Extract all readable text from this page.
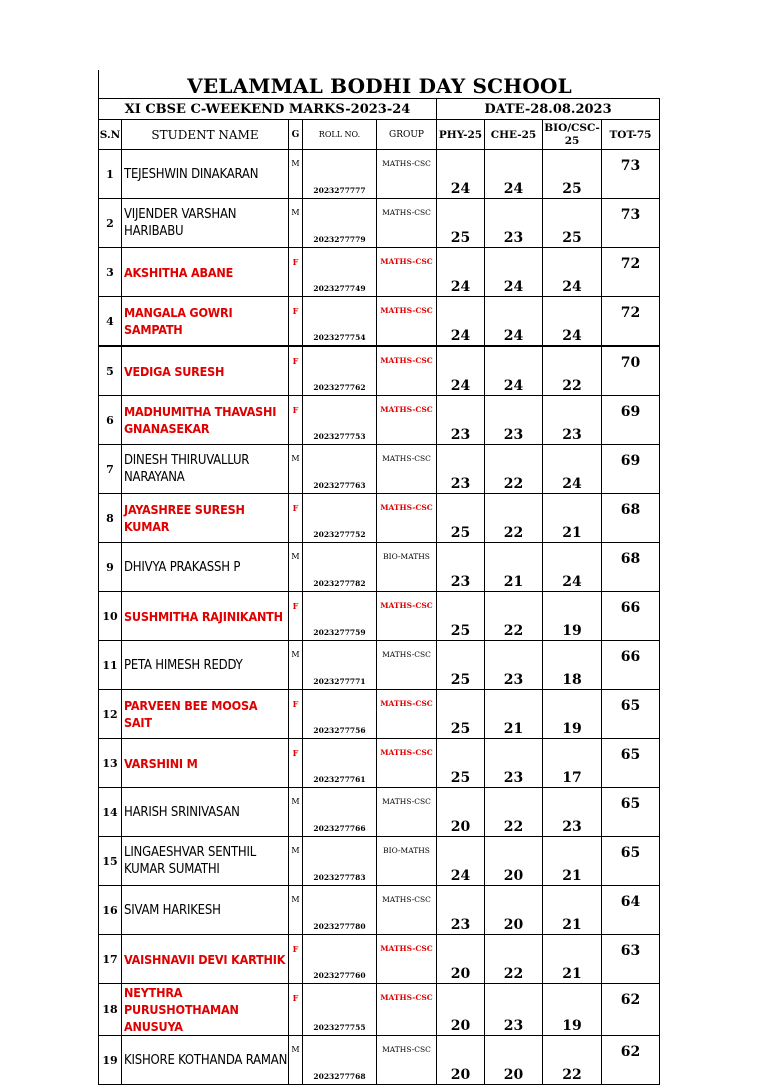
VELAMMAL BODHI DAY SCHOOL
XI CBSE C-WEEKEND MARKS-2023-24					DATE-28.08.2023			
S.N	STUDENT NAME	G	ROLL NO.	GROUP	PHY-25	CHE-25	BIO/CSC-25	TOT-75
1	TEJESHWIN DINAKARAN	M	2023277777	MATHS-CSC	24	24	25	73
2	VIJENDER VARSHAN HARIBABU	M	2023277779	MATHS-CSC	25	23	25	73
3	AKSHITHA ABANE	F	2023277749	MATHS-CSC	24	24	24	72
4	MANGALA GOWRI SAMPATH	F	2023277754	MATHS-CSC	24	24	24	72
5	VEDIGA SURESH	F	2023277762	MATHS-CSC	24	24	22	70
6	MADHUMITHA THAVASHI GNANASEKAR	F	2023277753	MATHS-CSC	23	23	23	69
7	DINESH THIRUVALLUR NARAYANA	M	2023277763	MATHS-CSC	23	22	24	69
8	JAYASHREE SURESH KUMAR	F	2023277752	MATHS-CSC	25	22	21	68
9	DHIVYA PRAKASSH P	M	2023277782	BIO-MATHS	23	21	24	68
10	SUSHMITHA RAJINIKANTH	F	2023277759	MATHS-CSC	25	22	19	66
11	PETA HIMESH REDDY	M	2023277771	MATHS-CSC	25	23	18	66
12	PARVEEN BEE MOOSA SAIT	F	2023277756	MATHS-CSC	25	21	19	65
13	VARSHINI M	F	2023277761	MATHS-CSC	25	23	17	65
14	HARISH SRINIVASAN	M	2023277766	MATHS-CSC	20	22	23	65
15	LINGAESHVAR SENTHIL KUMAR SUMATHI	M	2023277783	BIO-MATHS	24	20	21	65
16	SIVAM HARIKESH	M	2023277780	MATHS-CSC	23	20	21	64
17	VAISHNAVII DEVI KARTHIK	F	2023277760	MATHS-CSC	20	22	21	63
18	NEYTHRA PURUSHOTHAMAN ANUSUYA	F	2023277755	MATHS-CSC	20	23	19	62
19	KISHORE KOTHANDA RAMAN	M	2023277768	MATHS-CSC	20	20	22	62
